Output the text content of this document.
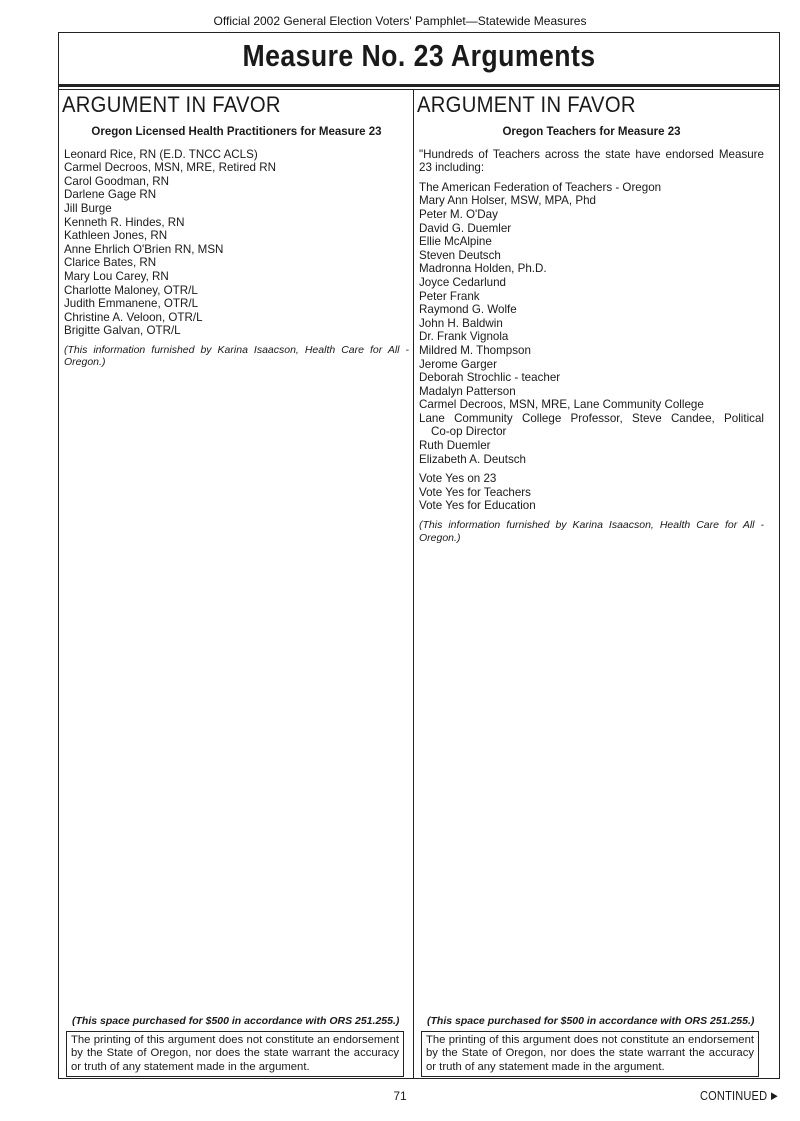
Official 2002 General Election Voters' Pamphlet—Statewide Measures
Measure No. 23 Arguments
ARGUMENT IN FAVOR
Oregon Licensed Health Practitioners for Measure 23
Leonard Rice, RN (E.D. TNCC ACLS)
Carmel Decroos, MSN, MRE, Retired RN
Carol Goodman, RN
Darlene Gage RN
Jill Burge
Kenneth R. Hindes, RN
Kathleen Jones, RN
Anne Ehrlich O'Brien RN, MSN
Clarice Bates, RN
Mary Lou Carey, RN
Charlotte Maloney, OTR/L
Judith Emmanene, OTR/L
Christine A. Veloon, OTR/L
Brigitte Galvan, OTR/L
(This information furnished by Karina Isaacson, Health Care for All - Oregon.)
ARGUMENT IN FAVOR
Oregon Teachers for Measure 23
"Hundreds of Teachers across the state have endorsed Measure 23 including:
The American Federation of Teachers - Oregon
Mary Ann Holser, MSW, MPA, Phd
Peter M. O'Day
David G. Duemler
Ellie McAlpine
Steven Deutsch
Madronna Holden, Ph.D.
Joyce Cedarlund
Peter Frank
Raymond G. Wolfe
John H. Baldwin
Dr. Frank Vignola
Mildred M. Thompson
Jerome Garger
Deborah Strochlic - teacher
Madalyn Patterson
Carmel Decroos, MSN, MRE, Lane Community College
Lane Community College Professor, Steve Candee, Political
Co-op Director
Ruth Duemler
Elizabeth A. Deutsch
Vote Yes on 23
Vote Yes for Teachers
Vote Yes for Education
(This information furnished by Karina Isaacson, Health Care for All - Oregon.)
(This space purchased for $500 in accordance with ORS 251.255.)	(This space purchased for $500 in accordance with ORS 251.255.)
The printing of this argument does not constitute an endorsement by the State of Oregon, nor does the state warrant the accuracy or truth of any statement made in the argument.
The printing of this argument does not constitute an endorsement by the State of Oregon, nor does the state warrant the accuracy or truth of any statement made in the argument.
71	CONTINUED ►
